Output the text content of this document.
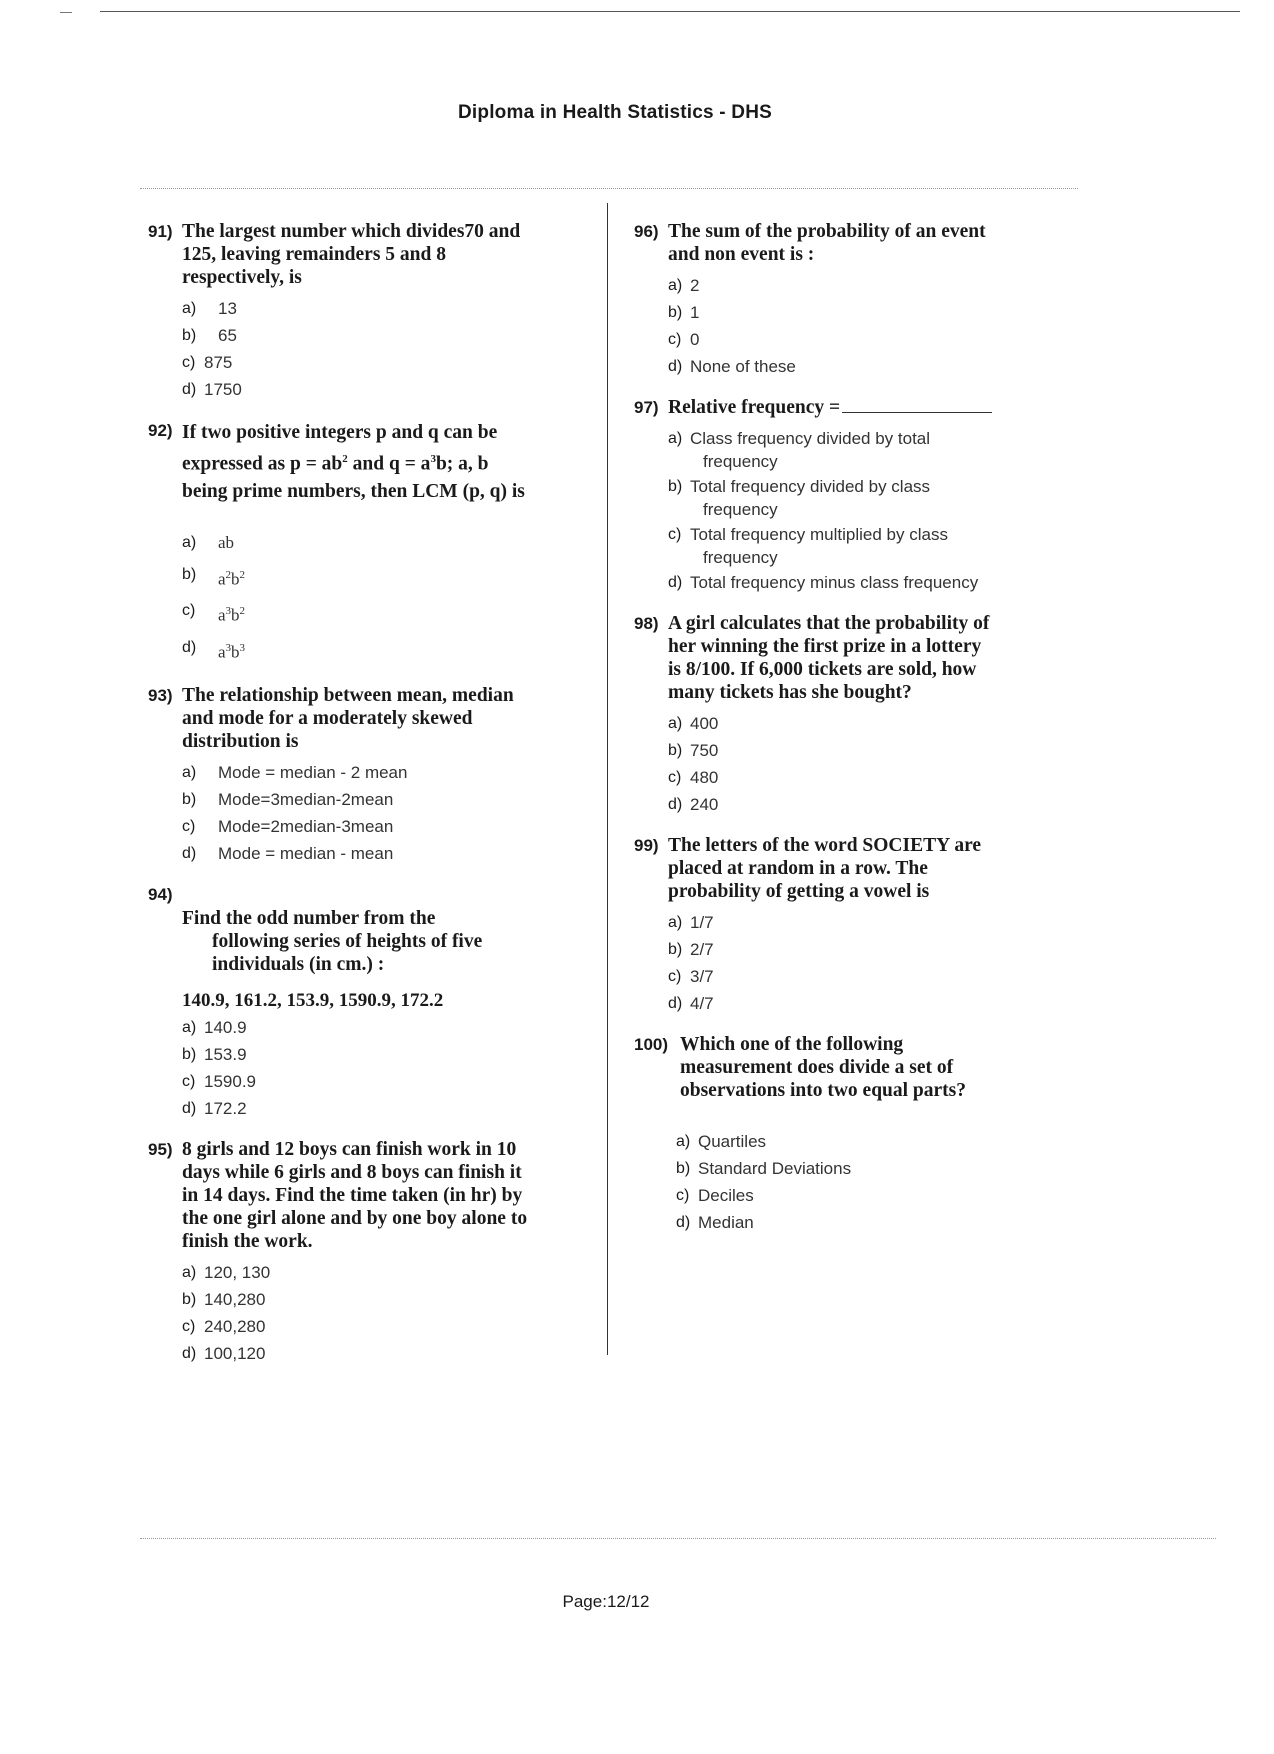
Diploma in Health Statistics - DHS
91) The largest number which divides70 and
125, leaving remainders 5 and 8
respectively, is
a)	13
b)	65
c) 875
d) 1750
92) If two positive integers p and q can be
expressed as $p = ab^2$ and $q = a^3b$; a, b
being prime numbers, then LCM (p, q) is
a)	ab
b)	$a^2b^2$
c)	$a^3b^2$
d)	$a^3b^3$
93) The relationship between mean, median
and mode for a moderately skewed
distribution is
a)	Mode = median - 2 mean
b)	Mode=3median-2mean
c)	Mode=2median-3mean
d)	Mode = median - mean
94)
Find the odd number from the
following series of heights of five
individuals (in cm.) :
140.9, 161.2, 153.9, 1590.9, 172.2
a) 140.9
b) 153.9
c) 1590.9
d) 172.2
95) 8 girls and 12 boys can finish work in 10
days while 6 girls and 8 boys can finish it
in 14 days. Find the time taken (in hr) by
the one girl alone and by one boy alone to
finish the work.
a) 120, 130
b) 140,280
c) 240,280
d) 100,120
96) The sum of the probability of an event
and non event is :
a) 2
b) 1
c) 0
d) None of these
97) Relative frequency =
a) Class frequency divided by total
frequency
b) Total frequency divided by class
frequency
c) Total frequency multiplied by class
frequency
d) Total frequency minus class frequency
98) A girl calculates that the probability of
her winning the first prize in a lottery
is 8/100. If 6,000 tickets are sold, how
many tickets has she bought?
a) 400
b) 750
c) 480
d) 240
99) The letters of the word SOCIETY are
placed at random in a row. The
probability of getting a vowel is
a) 1/7
b) 2/7
c) 3/7
d) 4/7
100) Which one of the following
measurement does divide a set of
observations into two equal parts?
a) Quartiles
b) Standard Deviations
c) Deciles
d) Median
Page:12/12
